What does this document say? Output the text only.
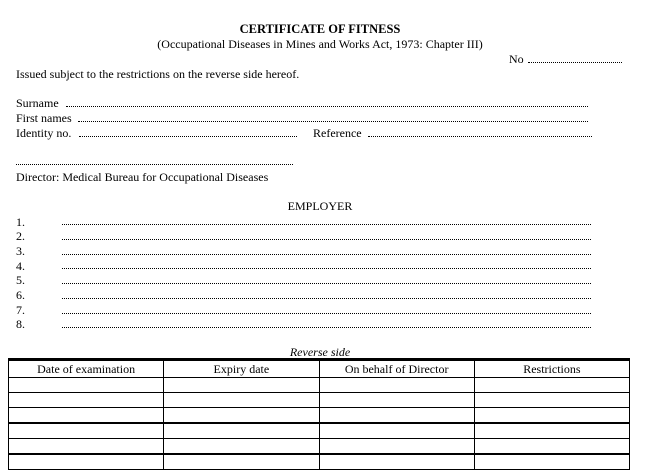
CERTIFICATE OF FITNESS
(Occupational Diseases in Mines and Works Act, 1973: Chapter III)
No
Issued subject to the restrictions on the reverse side hereof.
Surname
First names
Identity no.	Reference
Director: Medical Bureau for Occupational Diseases
EMPLOYER
1.
2.
3.
4.
5.
6.
7.
8.
Reverse side
Date of examination	Expiry date	On behalf of Director	Restrictions
